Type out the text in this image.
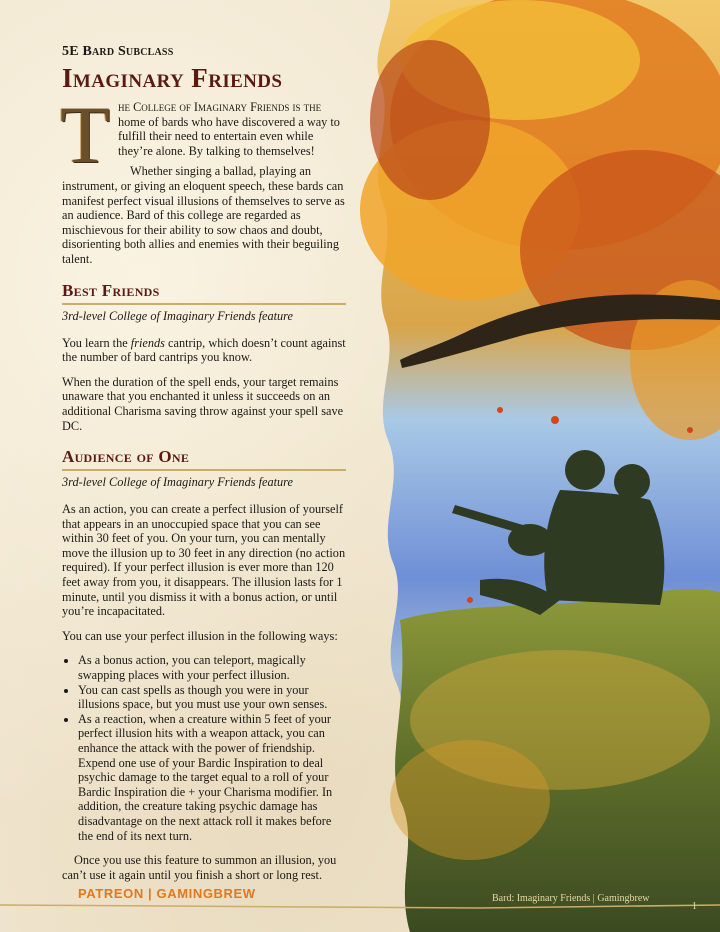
5E Bard Subclass
Imaginary Friends
T he College of Imaginary Friends is the home of bards who have discovered a way to fulfill their need to entertain even while they’re alone. By talking to themselves!

Whether singing a ballad, playing an instrument, or giving an eloquent speech, these bards can manifest perfect visual illusions of themselves to serve as an audience. Bard of this college are regarded as mischievous for their ability to sow chaos and doubt, disorienting both allies and enemies with their beguiling talent.

Best Friends
3rd-level College of Imaginary Friends feature

You learn the friends cantrip, which doesn’t count against the number of bard cantrips you know.

When the duration of the spell ends, your target remains unaware that you enchanted it unless it succeeds on an additional Charisma saving throw against your spell save DC.

Audience of One
3rd-level College of Imaginary Friends feature

As an action, you can create a perfect illusion of yourself that appears in an unoccupied space that you can see within 30 feet of you. On your turn, you can mentally move the illusion up to 30 feet in any direction (no action required). If your perfect illusion is ever more than 120 feet away from you, it disappears. The illusion lasts for 1 minute, until you dismiss it with a bonus action, or until you’re incapacitated.

You can use your perfect illusion in the following ways:

• As a bonus action, you can teleport, magically swapping places with your perfect illusion.
• You can cast spells as though you were in your illusions space, but you must use your own senses.
• As a reaction, when a creature within 5 feet of your perfect illusion hits with a weapon attack, you can enhance the attack with the power of friendship. Expend one use of your Bardic Inspiration to deal psychic damage to the target equal to a roll of your Bardic Inspiration die + your Charisma modifier. In addition, the creature taking psychic damage has disadvantage on the next attack roll it makes before the end of its next turn.

Once you use this feature to summon an illusion, you can’t use it again until you finish a short or long rest.

PATREON | GAMINGBREW	Bard: Imaginary Friends | Gamingbrew
1
